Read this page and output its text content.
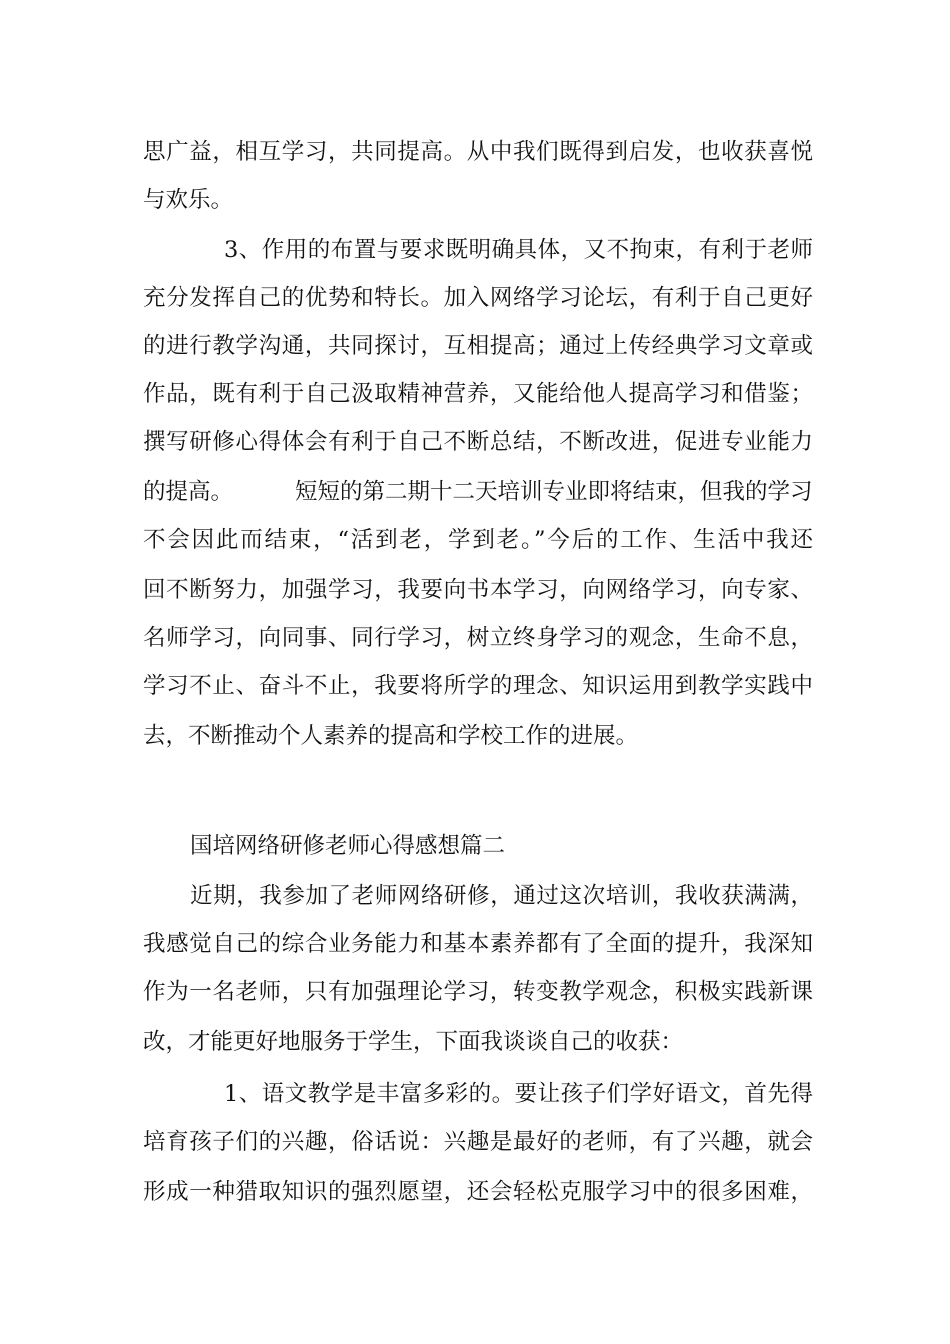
思广益，相互学习，共同提高。从中我们既得到启发，也收获喜悦
与欢乐。
3、作用的布置与要求既明确具体，又不拘束，有利于老师
充分发挥自己的优势和特长。加入网络学习论坛，有利于自己更好
的进行教学沟通，共同探讨，互相提高；通过上传经典学习文章或
作品，既有利于自己汲取精神营养，又能给他人提高学习和借鉴；
撰写研修心得体会有利于自己不断总结，不断改进，促进专业能力
的提高。	短短的第二期十二天培训专业即将结束，但我的学习
不会因此而结束，“活到老，学到老。”今后的工作、生活中我还
回不断努力，加强学习，我要向书本学习，向网络学习，向专家、
名师学习，向同事、同行学习，树立终身学习的观念，生命不息，
学习不止、奋斗不止，我要将所学的理念、知识运用到教学实践中
去，不断推动个人素养的提高和学校工作的进展。
国培网络研修老师心得感想篇二
近期，我参加了老师网络研修，通过这次培训，我收获满满，
我感觉自己的综合业务能力和基本素养都有了全面的提升，我深知
作为一名老师，只有加强理论学习，转变教学观念，积极实践新课
改，才能更好地服务于学生，下面我谈谈自己的收获：
1、语文教学是丰富多彩的。要让孩子们学好语文，首先得
培育孩子们的兴趣，俗话说：兴趣是最好的老师，有了兴趣，就会
形成一种猎取知识的强烈愿望，还会轻松克服学习中的很多困难，
